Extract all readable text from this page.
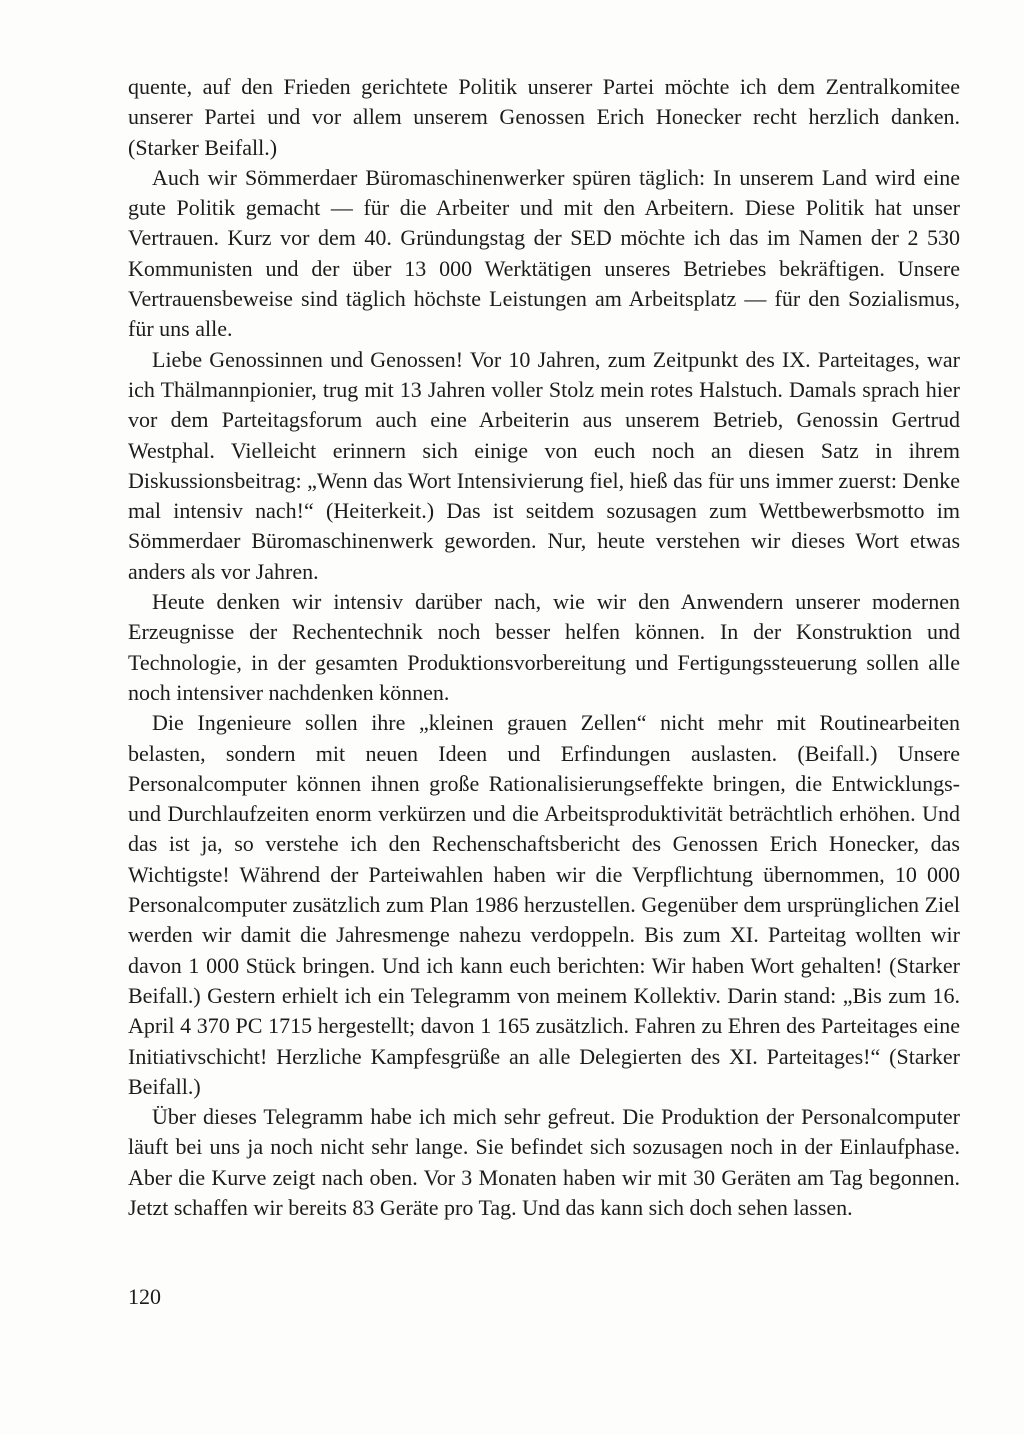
quente, auf den Frieden gerichtete Politik unserer Partei möchte ich dem Zentralkomitee unserer Partei und vor allem unserem Genossen Erich Honecker recht herzlich danken. (Starker Beifall.)

Auch wir Sömmerdaer Büromaschinenwerker spüren täglich: In unserem Land wird eine gute Politik gemacht — für die Arbeiter und mit den Arbeitern. Diese Politik hat unser Vertrauen. Kurz vor dem 40. Gründungstag der SED möchte ich das im Namen der 2 530 Kommunisten und der über 13 000 Werktätigen unseres Betriebes bekräftigen. Unsere Vertrauensbeweise sind täglich höchste Leistungen am Arbeitsplatz — für den Sozialismus, für uns alle.

Liebe Genossinnen und Genossen! Vor 10 Jahren, zum Zeitpunkt des IX. Parteitages, war ich Thälmannpionier, trug mit 13 Jahren voller Stolz mein rotes Halstuch. Damals sprach hier vor dem Parteitagsforum auch eine Arbeiterin aus unserem Betrieb, Genossin Gertrud Westphal. Vielleicht erinnern sich einige von euch noch an diesen Satz in ihrem Diskussionsbeitrag: „Wenn das Wort Intensivierung fiel, hieß das für uns immer zuerst: Denke mal intensiv nach!“ (Heiterkeit.) Das ist seitdem sozusagen zum Wettbewerbsmotto im Sömmerdaer Büromaschinenwerk geworden. Nur, heute verstehen wir dieses Wort etwas anders als vor Jahren.

Heute denken wir intensiv darüber nach, wie wir den Anwendern unserer modernen Erzeugnisse der Rechentechnik noch besser helfen können. In der Konstruktion und Technologie, in der gesamten Produktionsvorbereitung und Fertigungssteuerung sollen alle noch intensiver nachdenken können.

Die Ingenieure sollen ihre „kleinen grauen Zellen“ nicht mehr mit Routinearbeiten belasten, sondern mit neuen Ideen und Erfindungen auslasten. (Beifall.) Unsere Personalcomputer können ihnen große Rationalisierungseffekte bringen, die Entwicklungs- und Durchlaufzeiten enorm verkürzen und die Arbeitsproduktivität beträchtlich erhöhen. Und das ist ja, so verstehe ich den Rechenschaftsbericht des Genossen Erich Honecker, das Wichtigste! Während der Parteiwahlen haben wir die Verpflichtung übernommen, 10 000 Personalcomputer zusätzlich zum Plan 1986 herzustellen. Gegenüber dem ursprünglichen Ziel werden wir damit die Jahresmenge nahezu verdoppeln. Bis zum XI. Parteitag wollten wir davon 1 000 Stück bringen. Und ich kann euch berichten: Wir haben Wort gehalten! (Starker Beifall.) Gestern erhielt ich ein Telegramm von meinem Kollektiv. Darin stand: „Bis zum 16. April 4 370 PC 1715 hergestellt; davon 1 165 zusätzlich. Fahren zu Ehren des Parteitages eine Initiativschicht! Herzliche Kampfesgrüße an alle Delegierten des XI. Parteitages!“ (Starker Beifall.)

Über dieses Telegramm habe ich mich sehr gefreut. Die Produktion der Personalcomputer läuft bei uns ja noch nicht sehr lange. Sie befindet sich sozusagen noch in der Einlaufphase. Aber die Kurve zeigt nach oben. Vor 3 Monaten haben wir mit 30 Geräten am Tag begonnen. Jetzt schaffen wir bereits 83 Geräte pro Tag. Und das kann sich doch sehen lassen.

120
